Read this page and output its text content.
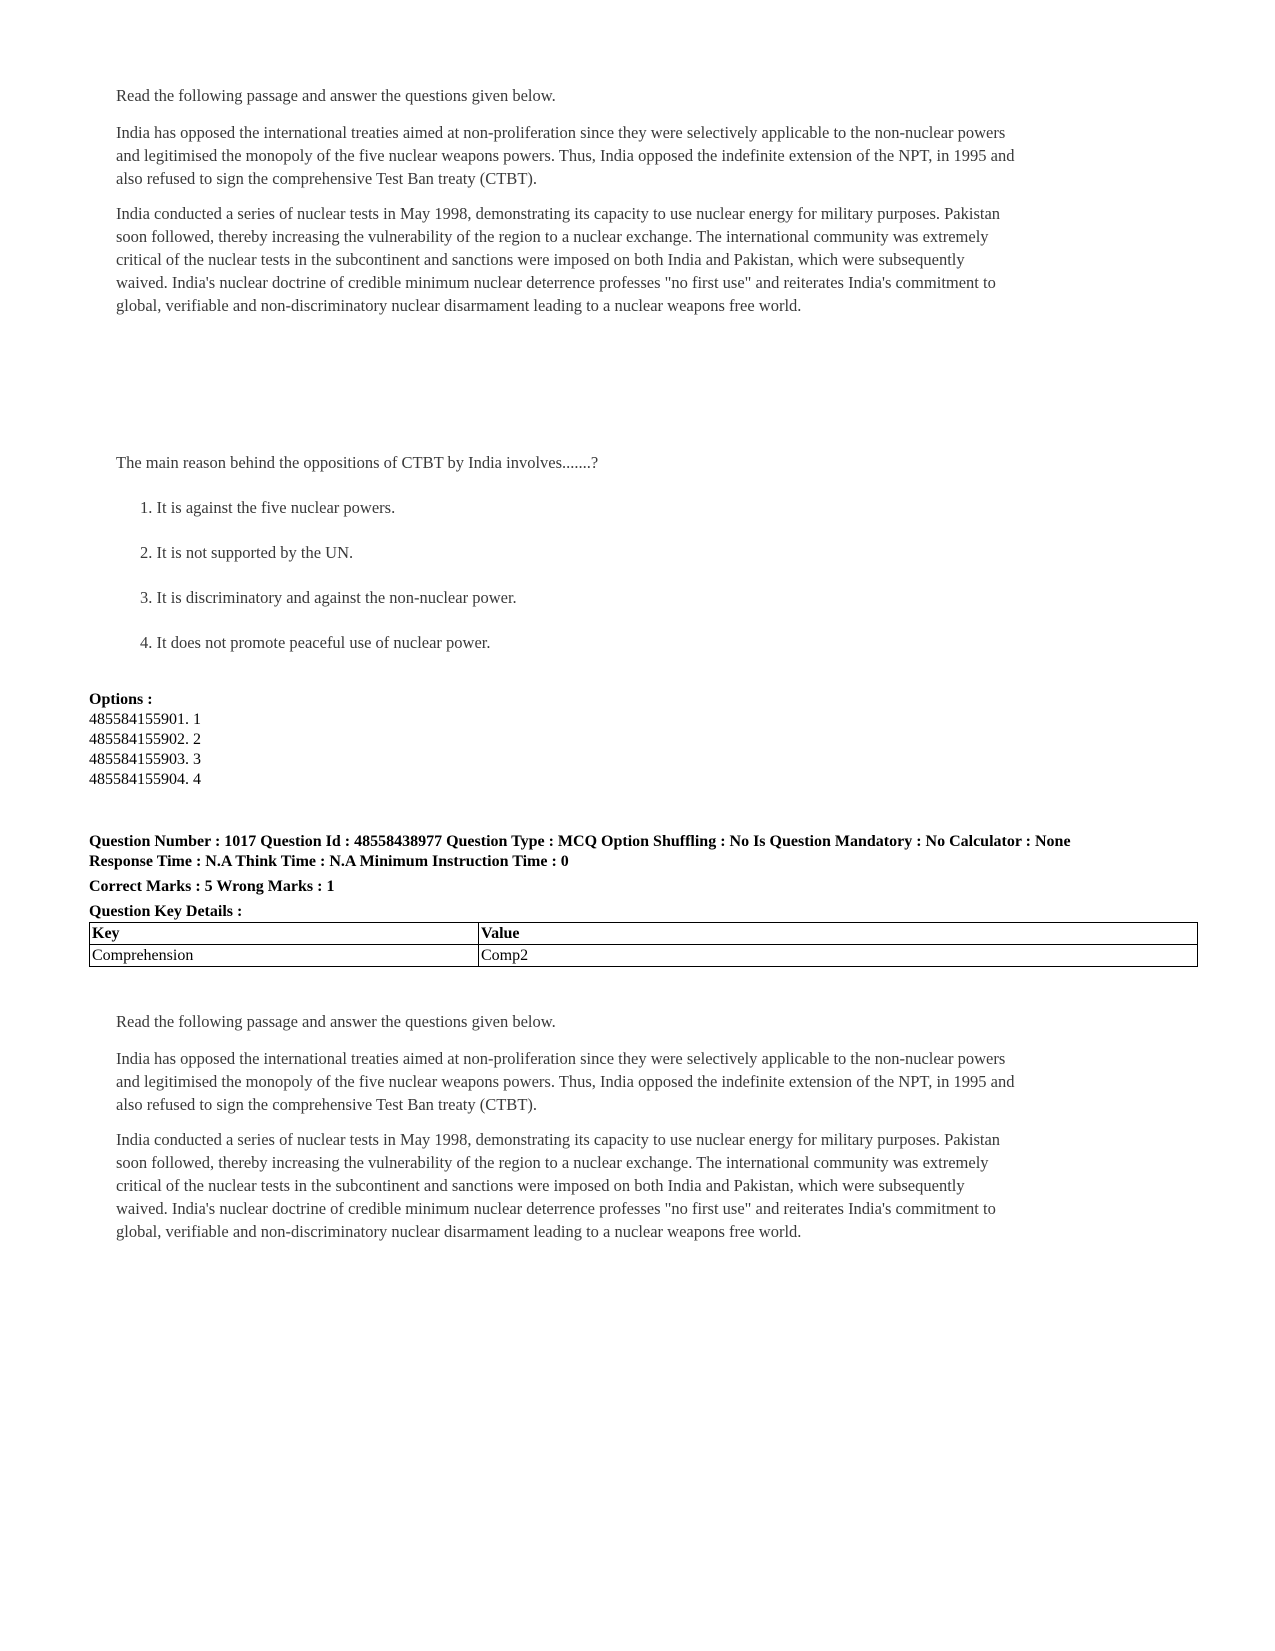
Read the following passage and answer the questions given below.

India has opposed the international treaties aimed at non-proliferation since they were selectively applicable to the non-nuclear powers and legitimised the monopoly of the five nuclear weapons powers. Thus, India opposed the indefinite extension of the NPT, in 1995 and also refused to sign the comprehensive Test Ban treaty (CTBT).

India conducted a series of nuclear tests in May 1998, demonstrating its capacity to use nuclear energy for military purposes. Pakistan soon followed, thereby increasing the vulnerability of the region to a nuclear exchange. The international community was extremely critical of the nuclear tests in the subcontinent and sanctions were imposed on both India and Pakistan, which were subsequently waived. India's nuclear doctrine of credible minimum nuclear deterrence professes "no first use" and reiterates India's commitment to global, verifiable and non-discriminatory nuclear disarmament leading to a nuclear weapons free world.

The main reason behind the oppositions of CTBT by India involves.......?

1. It is against the five nuclear powers.
2. It is not supported by the UN.
3. It is discriminatory and against the non-nuclear power.
4. It does not promote peaceful use of nuclear power.
Options :
485584155901. 1
485584155902. 2
485584155903. 3
485584155904. 4
Question Number : 1017 Question Id : 48558438977 Question Type : MCQ Option Shuffling : No Is Question Mandatory : No Calculator : None
Response Time : N.A Think Time : N.A Minimum Instruction Time : 0
Correct Marks : 5 Wrong Marks : 1
Question Key Details :
Key	Value
Comprehension	Comp2

Read the following passage and answer the questions given below.

India has opposed the international treaties aimed at non-proliferation since they were selectively applicable to the non-nuclear powers and legitimised the monopoly of the five nuclear weapons powers. Thus, India opposed the indefinite extension of the NPT, in 1995 and also refused to sign the comprehensive Test Ban treaty (CTBT).

India conducted a series of nuclear tests in May 1998, demonstrating its capacity to use nuclear energy for military purposes. Pakistan soon followed, thereby increasing the vulnerability of the region to a nuclear exchange. The international community was extremely critical of the nuclear tests in the subcontinent and sanctions were imposed on both India and Pakistan, which were subsequently waived. India's nuclear doctrine of credible minimum nuclear deterrence professes "no first use" and reiterates India's commitment to global, verifiable and non-discriminatory nuclear disarmament leading to a nuclear weapons free world.
